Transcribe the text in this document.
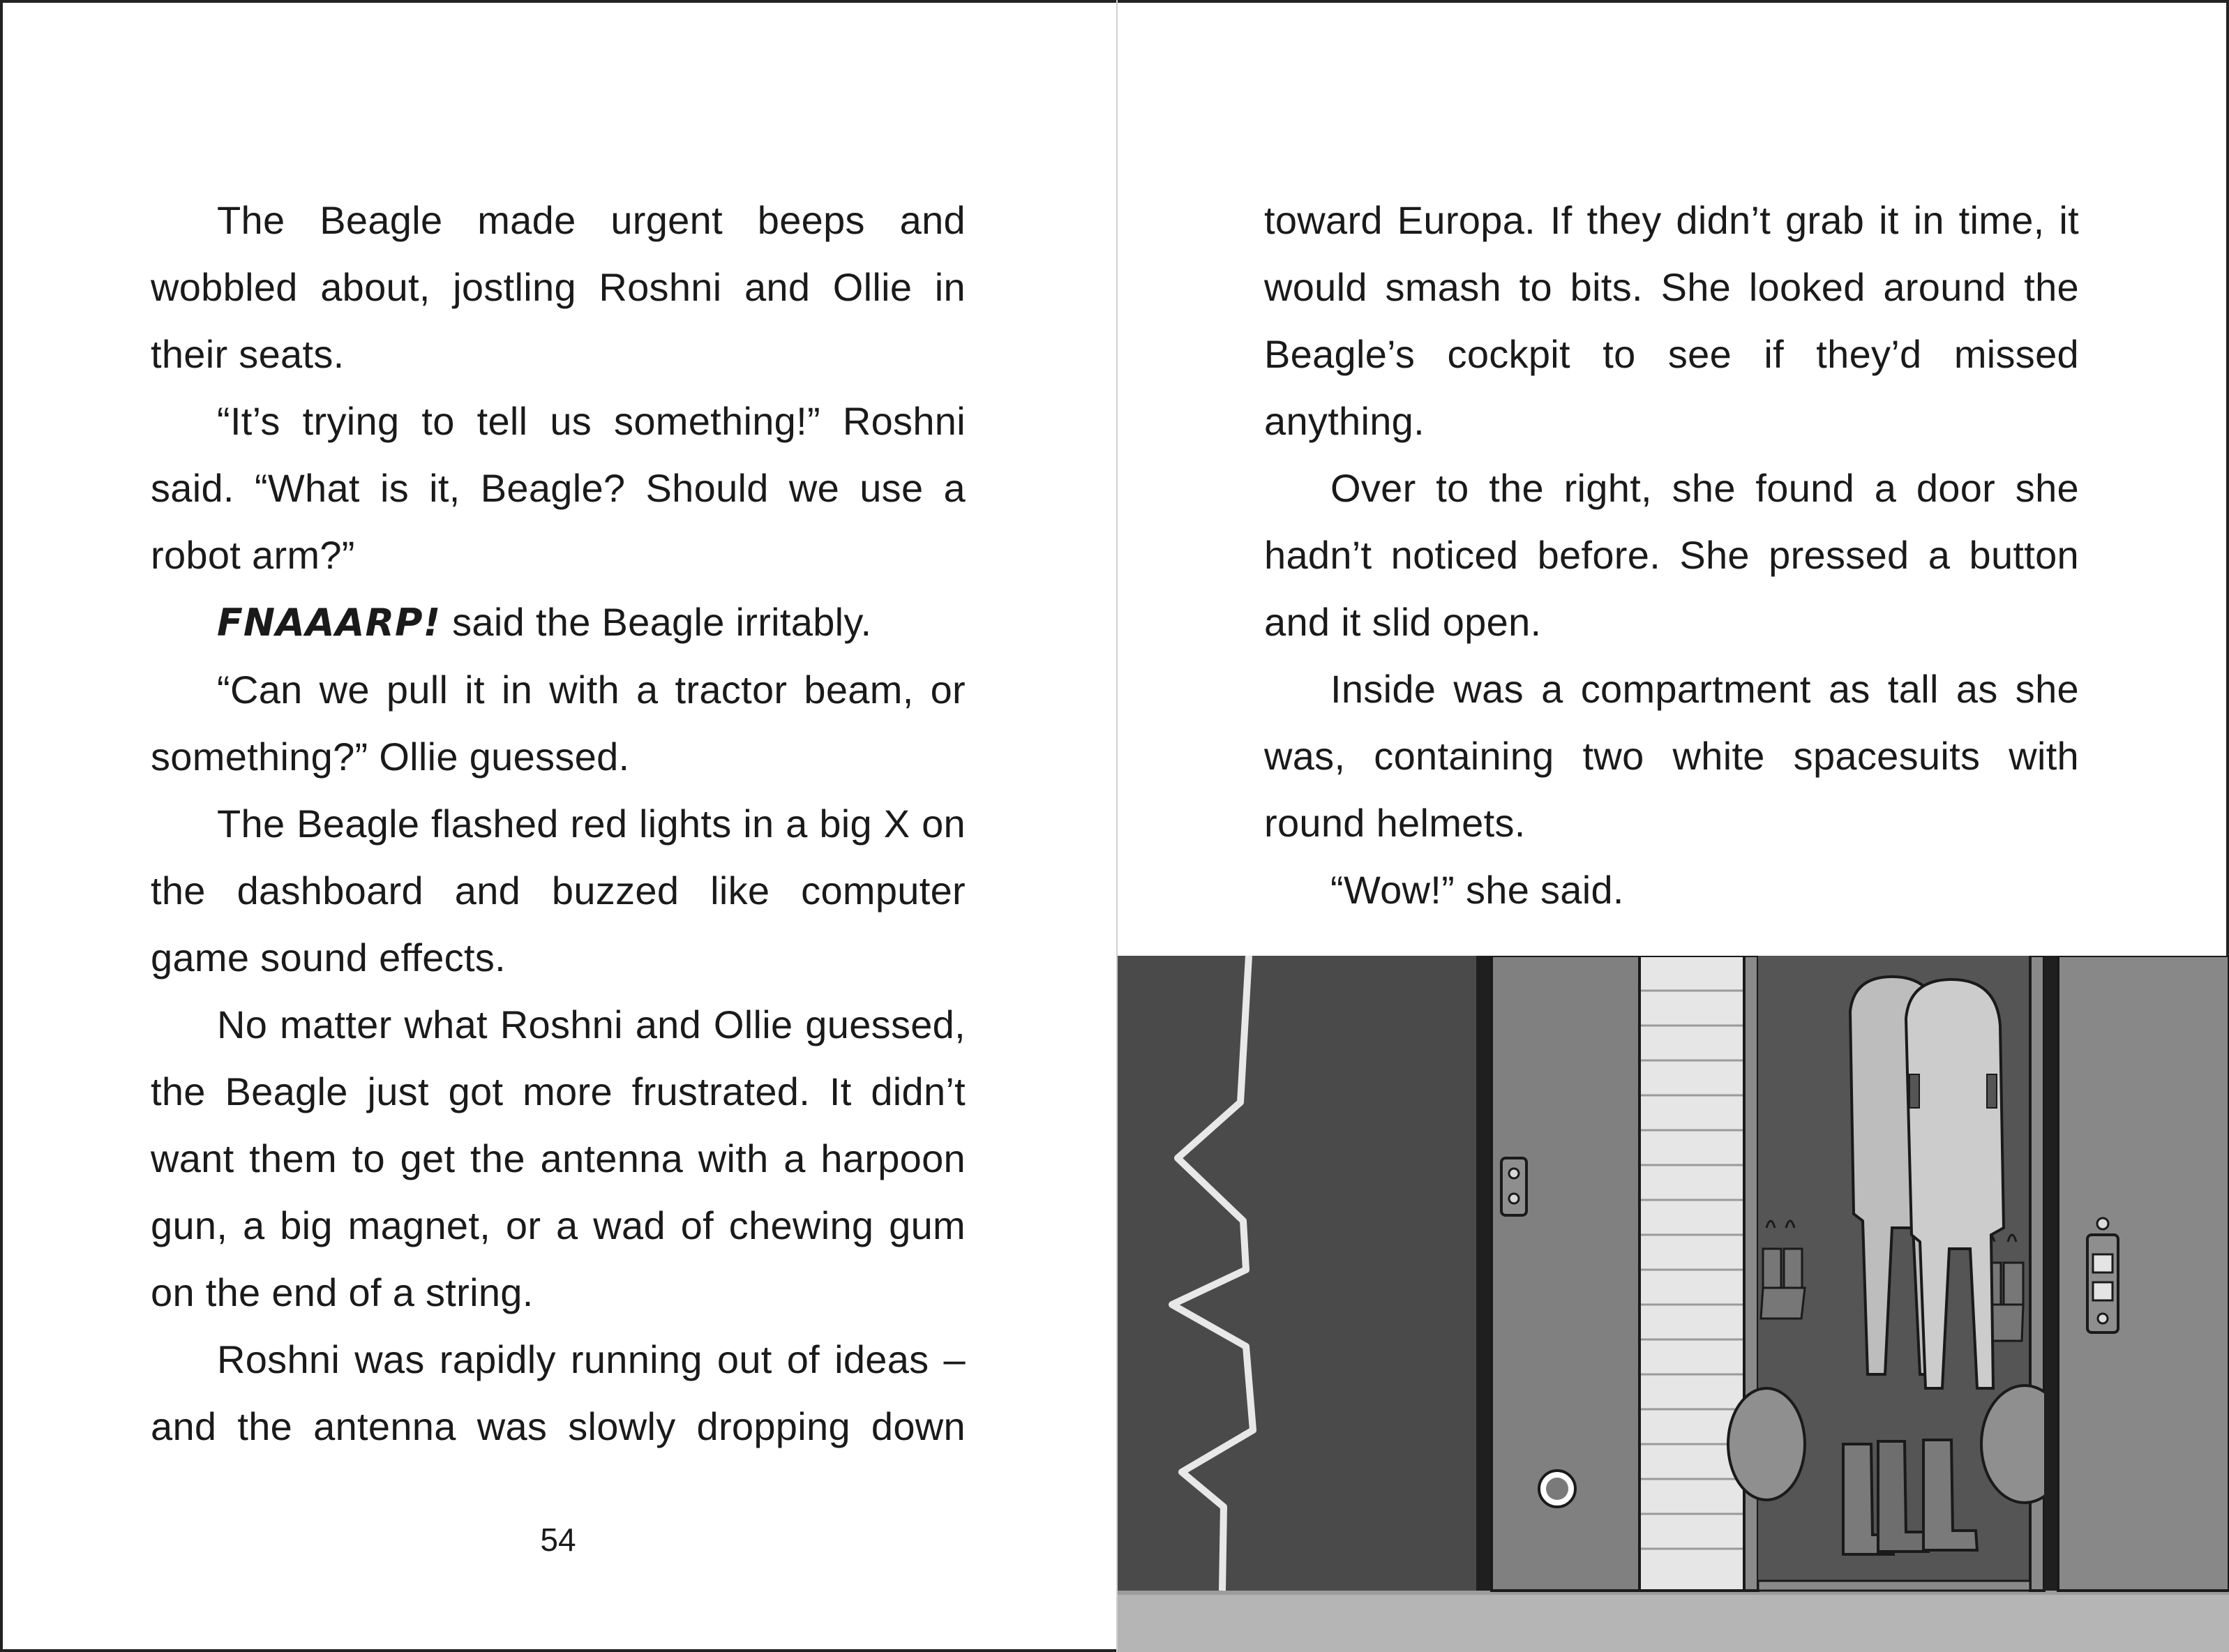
The Beagle made urgent beeps and wobbled about, jostling Roshni and Ollie in their seats.

“It’s trying to tell us something!” Roshni said. “What is it, Beagle? Should we use a robot arm?”

FNAAARP! said the Beagle irritably.

“Can we pull it in with a tractor beam, or something?” Ollie guessed.

The Beagle flashed red lights in a big X on the dashboard and buzzed like computer game sound effects.

No matter what Roshni and Ollie guessed, the Beagle just got more frustrated. It didn’t want them to get the antenna with a harpoon gun, a big magnet, or a wad of chewing gum on the end of a string.

Roshni was rapidly running out of ideas – and the antenna was slowly dropping down

54

toward Europa. If they didn’t grab it in time, it would smash to bits. She looked around the Beagle’s cockpit to see if they’d missed anything.

Over to the right, she found a door she hadn’t noticed before. She pressed a button and it slid open.

Inside was a compartment as tall as she was, containing two white spacesuits with round helmets.

“Wow!” she said.
